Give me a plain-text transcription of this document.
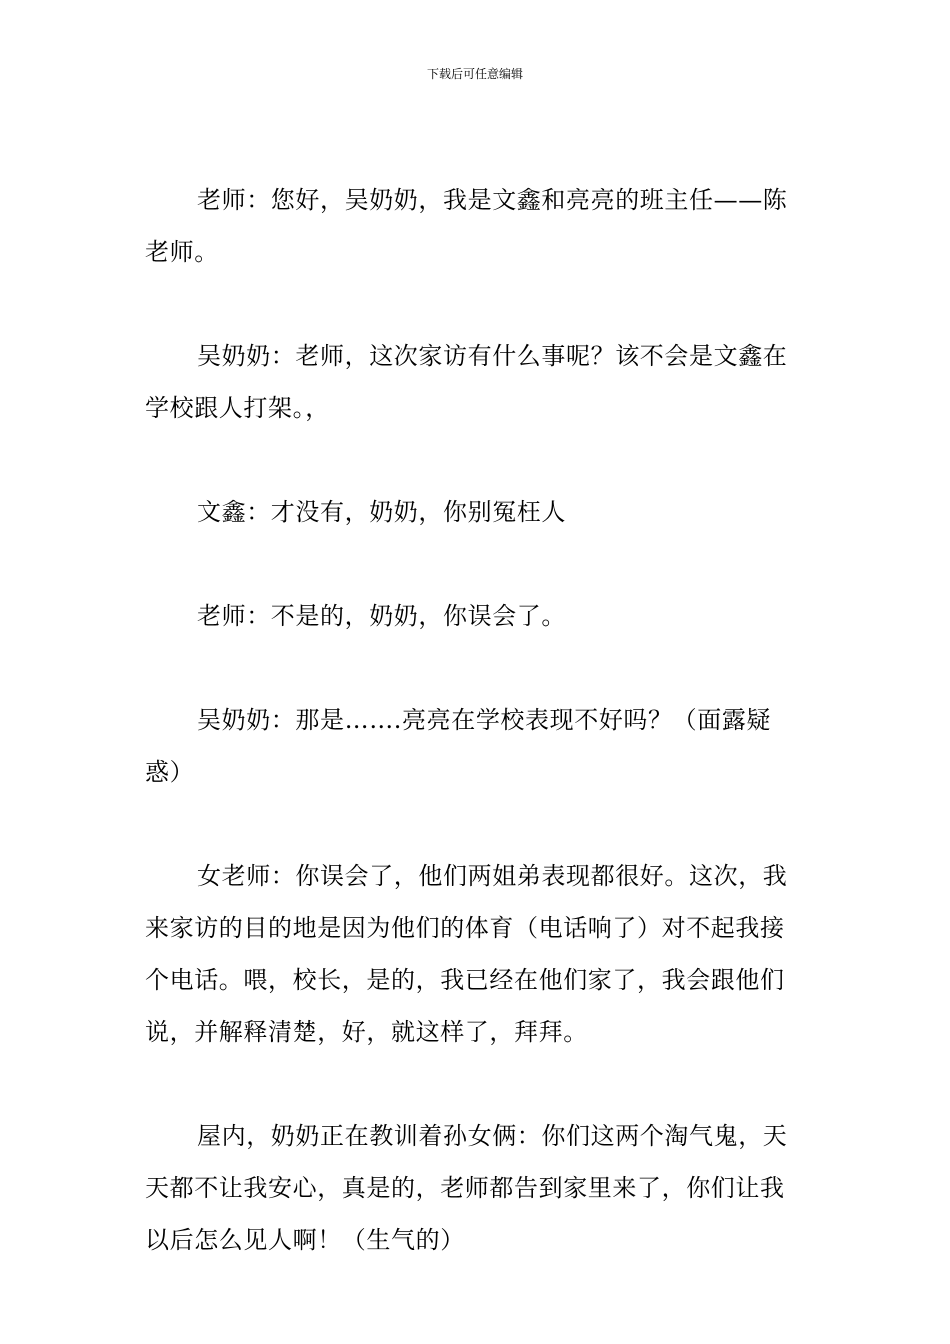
下载后可任意编辑

老师：您好，吴奶奶，我是文鑫和亮亮的班主任——陈老师。

吴奶奶：老师，这次家访有什么事呢？该不会是文鑫在学校跟人打架。，

文鑫：才没有，奶奶，你别冤枉人

老师：不是的，奶奶，你误会了。

吴奶奶：那是…….亮亮在学校表现不好吗？（面露疑惑）

女老师：你误会了，他们两姐弟表现都很好。这次，我来家访的目的地是因为他们的体育（电话响了）对不起我接个电话。喂，校长，是的，我已经在他们家了，我会跟他们说，并解释清楚，好，就这样了，拜拜。

屋内，奶奶正在教训着孙女俩：你们这两个淘气鬼，天天都不让我安心，真是的，老师都告到家里来了，你们让我以后怎么见人啊！（生气的）
